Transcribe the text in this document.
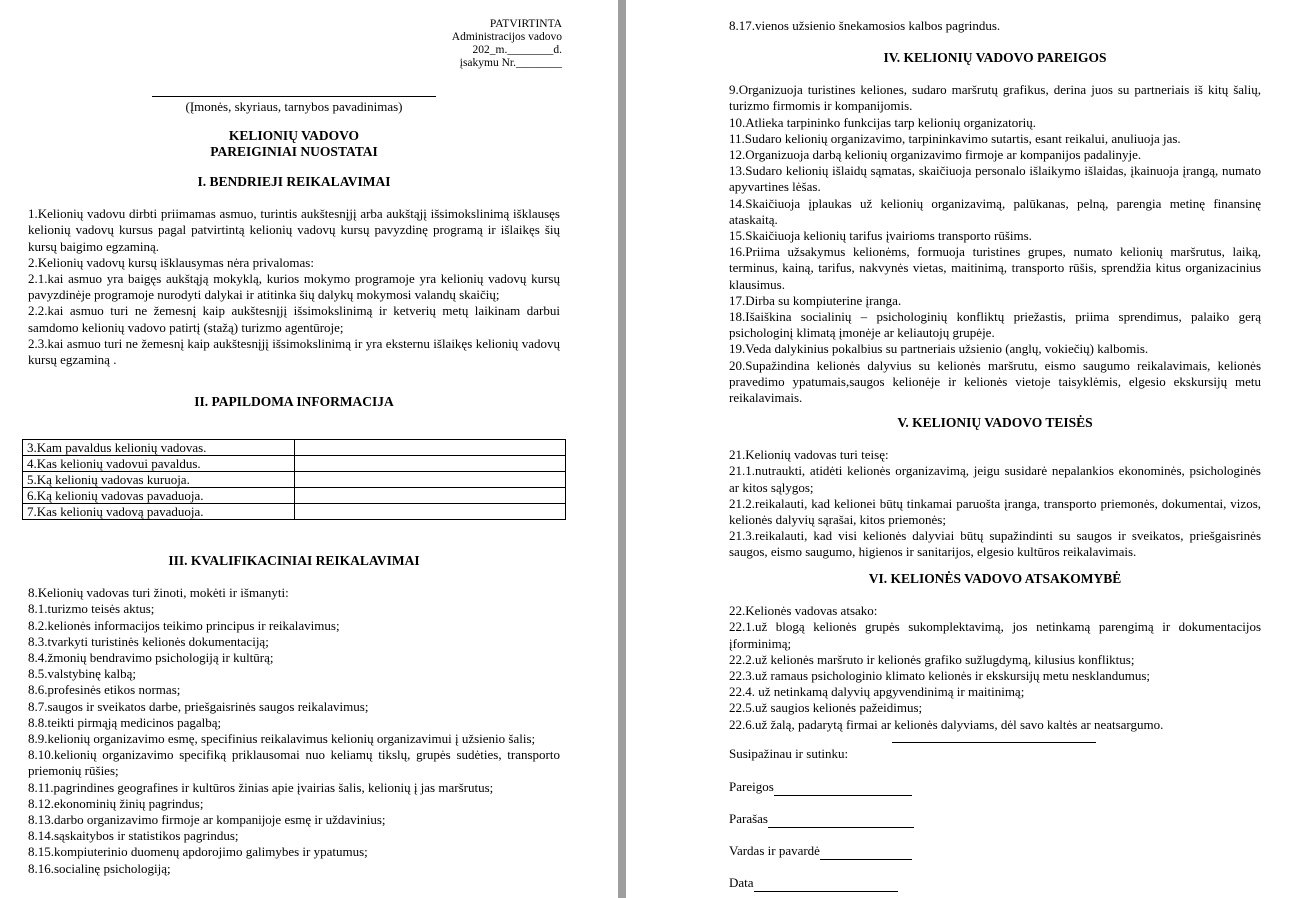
PATVIRTINTA
Administracijos vadovo
202_m.________d.
įsakymu Nr.________
(Įmonės, skyriaus, tarnybos pavadinimas)
KELIONIŲ VADOVO
PAREIGINIAI NUOSTATAI
I. BENDRIEJI REIKALAVIMAI
1.Kelionių vadovu dirbti priimamas asmuo, turintis aukštesnįjį arba aukštąjį išsimokslinimą išklausęs kelionių vadovų kursus pagal patvirtintą kelionių vadovų kursų pavyzdinę programą ir išlaikęs šių kursų baigimo egzaminą.
2.Kelionių vadovų kursų išklausymas nėra privalomas:
2.1.kai asmuo yra baigęs aukštąją mokyklą, kurios mokymo programoje yra kelionių vadovų kursų pavyzdinėje programoje nurodyti dalykai ir atitinka šių dalykų mokymosi valandų skaičių;
2.2.kai asmuo turi ne žemesnį kaip aukštesnįjį išsimokslinimą ir ketverių metų laikinam darbui samdomo kelionių vadovo patirtį (stažą) turizmo agentūroje;
2.3.kai asmuo turi ne žemesnį kaip aukštesnįjį išsimokslinimą ir yra eksternu išlaikęs kelionių vadovų kursų egzaminą .
II. PAPILDOMA INFORMACIJA
3.Kam pavaldus kelionių vadovas.	
4.Kas kelionių vadovui pavaldus.	
5.Ką kelionių vadovas kuruoja.	
6.Ką kelionių vadovas pavaduoja.	
7.Kas kelionių vadovą pavaduoja.	
III. KVALIFIKACINIAI REIKALAVIMAI
8.Kelionių vadovas turi žinoti, mokėti ir išmanyti:
8.1.turizmo teisės aktus;
8.2.kelionės informacijos teikimo principus ir reikalavimus;
8.3.tvarkyti turistinės kelionės dokumentaciją;
8.4.žmonių bendravimo psichologiją ir kultūrą;
8.5.valstybinę kalbą;
8.6.profesinės etikos normas;
8.7.saugos ir sveikatos darbe, priešgaisrinės saugos reikalavimus;
8.8.teikti pirmąją medicinos pagalbą;
8.9.kelionių organizavimo esmę, specifinius reikalavimus kelionių organizavimui į užsienio šalis;
8.10.kelionių organizavimo specifiką priklausomai nuo keliamų tikslų, grupės sudėties, transporto priemonių rūšies;
8.11.pagrindines geografines ir kultūros žinias apie įvairias šalis, kelionių į jas maršrutus;
8.12.ekonominių žinių pagrindus;
8.13.darbo organizavimo firmoje ar kompanijoje esmę ir uždavinius;
8.14.sąskaitybos ir statistikos pagrindus;
8.15.kompiuterinio duomenų apdorojimo galimybes ir ypatumus;
8.16.socialinę psichologiją;
8.17.vienos užsienio šnekamosios kalbos pagrindus.
IV. KELIONIŲ VADOVO PAREIGOS
9.Organizuoja turistines keliones, sudaro maršrutų grafikus, derina juos su partneriais iš kitų šalių, turizmo firmomis ir kompanijomis.
10.Atlieka tarpininko funkcijas tarp kelionių organizatorių.
11.Sudaro kelionių organizavimo, tarpininkavimo sutartis, esant reikalui, anuliuoja jas.
12.Organizuoja darbą kelionių organizavimo firmoje ar kompanijos padalinyje.
13.Sudaro kelionių išlaidų sąmatas, skaičiuoja personalo išlaikymo išlaidas, įkainuoja įrangą, numato apyvartines lėšas.
14.Skaičiuoja įplaukas už kelionių organizavimą, palūkanas, pelną, parengia metinę finansinę ataskaitą.
15.Skaičiuoja kelionių tarifus įvairioms transporto rūšims.
16.Priima užsakymus kelionėms, formuoja turistines grupes, numato kelionių maršrutus, laiką, terminus, kainą, tarifus, nakvynės vietas, maitinimą, transporto rūšis, sprendžia kitus organizacinius klausimus.
17.Dirba su kompiuterine įranga.
18.Išaiškina socialinių – psichologinių konfliktų priežastis, priima sprendimus, palaiko gerą psichologinį klimatą įmonėje ar keliautojų grupėje.
19.Veda dalykinius pokalbius su partneriais užsienio (anglų, vokiečių) kalbomis.
20.Supažindina kelionės dalyvius su kelionės maršrutu, eismo saugumo reikalavimais, kelionės pravedimo ypatumais,saugos kelionėje ir kelionės vietoje taisyklėmis, elgesio ekskursijų metu reikalavimais.
V. KELIONIŲ VADOVO TEISĖS
21.Kelionių vadovas turi teisę:
21.1.nutraukti, atidėti kelionės organizavimą, jeigu susidarė nepalankios ekonominės, psichologinės ar kitos sąlygos;
21.2.reikalauti, kad kelionei būtų tinkamai paruošta įranga, transporto priemonės, dokumentai, vizos, kelionės dalyvių sąrašai, kitos priemonės;
21.3.reikalauti, kad visi kelionės dalyviai būtų supažindinti su saugos ir sveikatos, priešgaisrinės saugos, eismo saugumo, higienos ir sanitarijos, elgesio kultūros reikalavimais.
VI. KELIONĖS VADOVO ATSAKOMYBĖ
22.Kelionės vadovas atsako:
22.1.už blogą kelionės grupės sukomplektavimą, jos netinkamą parengimą ir dokumentacijos įforminimą;
22.2.už kelionės maršruto ir kelionės grafiko sužlugdymą, kilusius konfliktus;
22.3.už ramaus psichologinio klimato kelionės ir ekskursijų metu nesklandumus;
22.4. už netinkamą dalyvių apgyvendinimą ir maitinimą;
22.5.už saugios kelionės pažeidimus;
22.6.už žalą, padarytą firmai ar kelionės dalyviams, dėl savo kaltės ar neatsargumo.
Susipažinau ir sutinku:
Pareigos
Parašas
Vardas ir pavardė
Data
